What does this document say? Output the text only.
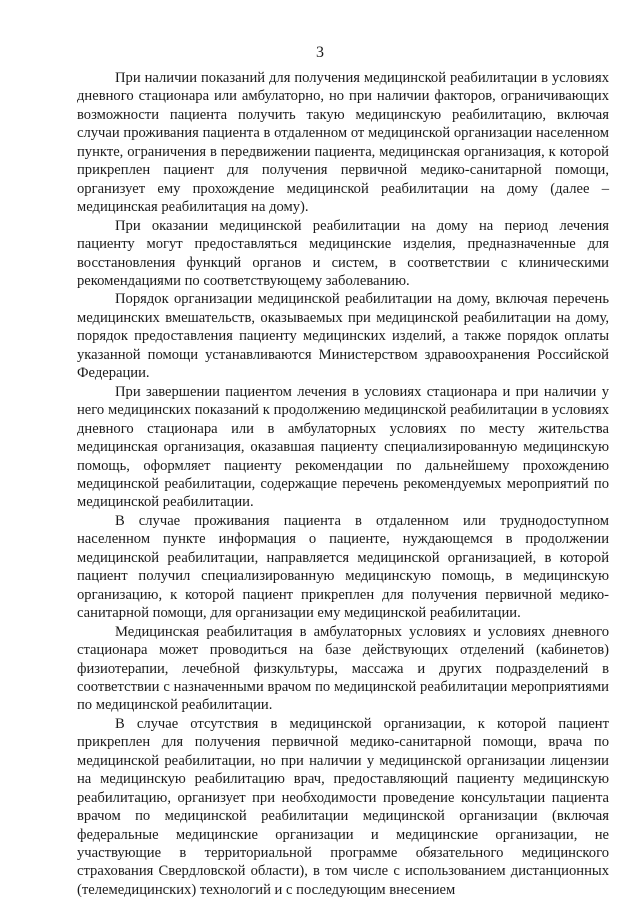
3

При наличии показаний для получения медицинской реабилитации в условиях дневного стационара или амбулаторно, но при наличии факторов, ограничивающих возможности пациента получить такую медицинскую реабилитацию, включая случаи проживания пациента в отдаленном от медицинской организации населенном пункте, ограничения в передвижении пациента, медицинская организация, к которой прикреплен пациент для получения первичной медико-санитарной помощи, организует ему прохождение медицинской реабилитации на дому (далее – медицинская реабилитация на дому).

При оказании медицинской реабилитации на дому на период лечения пациенту могут предоставляться медицинские изделия, предназначенные для восстановления функций органов и систем, в соответствии с клиническими рекомендациями по соответствующему заболеванию.

Порядок организации медицинской реабилитации на дому, включая перечень медицинских вмешательств, оказываемых при медицинской реабилитации на дому, порядок предоставления пациенту медицинских изделий, а также порядок оплаты указанной помощи устанавливаются Министерством здравоохранения Российской Федерации.

При завершении пациентом лечения в условиях стационара и при наличии у него медицинских показаний к продолжению медицинской реабилитации в условиях дневного стационара или в амбулаторных условиях по месту жительства медицинская организация, оказавшая пациенту специализированную медицинскую помощь, оформляет пациенту рекомендации по дальнейшему прохождению медицинской реабилитации, содержащие перечень рекомендуемых мероприятий по медицинской реабилитации.

В случае проживания пациента в отдаленном или труднодоступном населенном пункте информация о пациенте, нуждающемся в продолжении медицинской реабилитации, направляется медицинской организацией, в которой пациент получил специализированную медицинскую помощь, в медицинскую организацию, к которой пациент прикреплен для получения первичной медико-санитарной помощи, для организации ему медицинской реабилитации.

Медицинская реабилитация в амбулаторных условиях и условиях дневного стационара может проводиться на базе действующих отделений (кабинетов) физиотерапии, лечебной физкультуры, массажа и других подразделений в соответствии с назначенными врачом по медицинской реабилитации мероприятиями по медицинской реабилитации.

В случае отсутствия в медицинской организации, к которой пациент прикреплен для получения первичной медико-санитарной помощи, врача по медицинской реабилитации, но при наличии у медицинской организации лицензии на медицинскую реабилитацию врач, предоставляющий пациенту медицинскую реабилитацию, организует при необходимости проведение консультации пациента врачом по медицинской реабилитации медицинской организации (включая федеральные медицинские организации и медицинские организации, не участвующие в территориальной программе обязательного медицинского страхования Свердловской области), в том числе с использованием дистанционных (телемедицинских) технологий и с последующим внесением
